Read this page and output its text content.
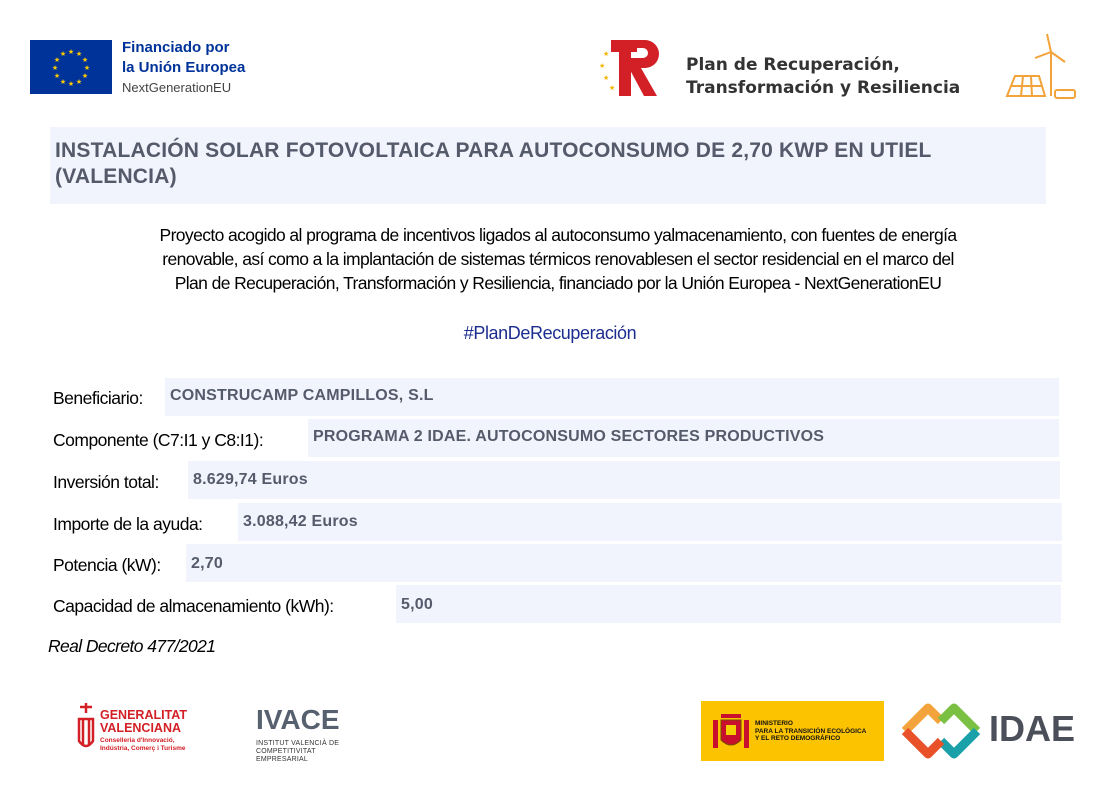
★ ★
★
★
★
★
★
★
★
★
★
★	Financiado por
la Unión Europea
NextGenerationEU
★
★
★
★
Plan de Recuperación,
Transformación y Resiliencia
INSTALACIÓN SOLAR FOTOVOLTAICA PARA AUTOCONSUMO DE 2,70 KWP EN UTIEL (VALENCIA)
Proyecto acogido al programa de incentivos ligados al autoconsumo yalmacenamiento, con fuentes de energía
renovable, así como a la implantación de sistemas térmicos renovablesen el sector residencial en el marco del
Plan de Recuperación, Transformación y Resiliencia, financiado por la Unión Europea - NextGenerationEU
#PlanDeRecuperación
Beneficiario: CONSTRUCAMP CAMPILLOS, S.L
Componente (C7:I1 y C8:I1):	PROGRAMA 2 IDAE. AUTOCONSUMO SECTORES PRODUCTIVOS
Inversión total: 8.629,74 Euros
Importe de la ayuda:	3.088,42 Euros
Potencia (kW): 2,70
Capacidad de almacenamiento (kWh):	5,00
Real Decreto 477/2021
GENERALITAT
VALENCIANA
Conselleria d'Innovació,
Indústria, Comerç i Turisme
IVACE
INSTITUT VALENCIÀ DE
COMPETITIVITAT EMPRESARIAL
MINISTERIO
PARA LA TRANSICIÓN ECOLÓGICA
Y EL RETO DEMOGRÁFICO	IDAE
